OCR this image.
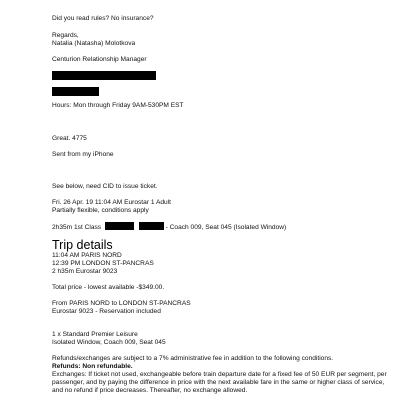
Did you read rules? No insurance?
Regards,
Natalia (Natasha) Molotkova
Centurion Relationship Manager
Hours: Mon through Friday 9AM-530PM EST
Great. 4775
Sent from my iPhone
See below, need CID to issue ticket.
Fri. 26 Apr. 19 11:04 AM Eurostar 1 Adult
Partially flexible, conditions apply
2h35m 1st Class	- Coach 009, Seat 045 (Isolated Window)
Trip details
11:04 AM PARIS NORD
12:39 PM LONDON ST-PANCRAS
2 h35m Eurostar 9023
Total price - lowest available -$349.00.
From PARIS NORD to LONDON ST-PANCRAS
Eurostar 9023 - Reservation included
1 x Standard Premier Leisure
Isolated Window, Coach 009, Seat 045
Refunds/exchanges are subject to a 7% administrative fee in addition to the following conditions.
Refunds: Non refundable.
Exchanges: If ticket not used, exchangeable before train departure date for a fixed fee of 50 EUR per segment, per passenger, and by paying the difference in price with the next available fare in the same or higher class of service, and no refund if price decreases. Thereafter, no exchange allowed.
